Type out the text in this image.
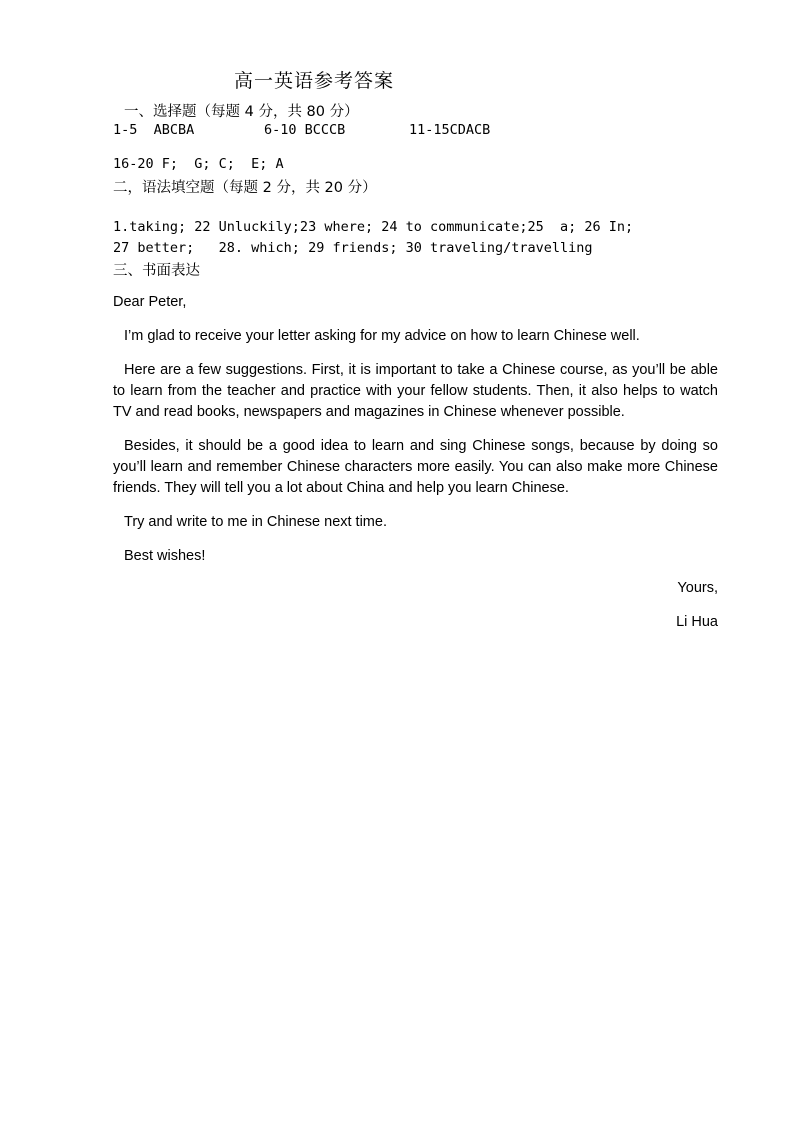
高一英语参考答案
一、选择题（每题 4 分，共 80 分）
1-5 ABCBA	6-10 BCCCB	11-15CDACB
16-20 F;  G; C;  E; A
二，语法填空题（每题 2 分，共 20 分）
1.taking; 22 Unluckily;23 where; 24 to communicate;25  a; 26 In;
27 better;   28. which; 29 friends; 30 traveling/travelling
三、书面表达
Dear Peter,
I’m glad to receive your letter asking for my advice on how to learn Chinese well.
Here are a few suggestions. First, it is important to take a Chinese course, as you’ll be able to learn from the teacher and practice with your fellow students. Then, it also helps to watch TV and read books, newspapers and magazines in Chinese whenever possible.
Besides, it should be a good idea to learn and sing Chinese songs, because by doing so you’ll learn and remember Chinese characters more easily. You can also make more Chinese friends. They will tell you a lot about China and help you learn Chinese.
Try and write to me in Chinese next time.
Best wishes!
Yours,
Li Hua
